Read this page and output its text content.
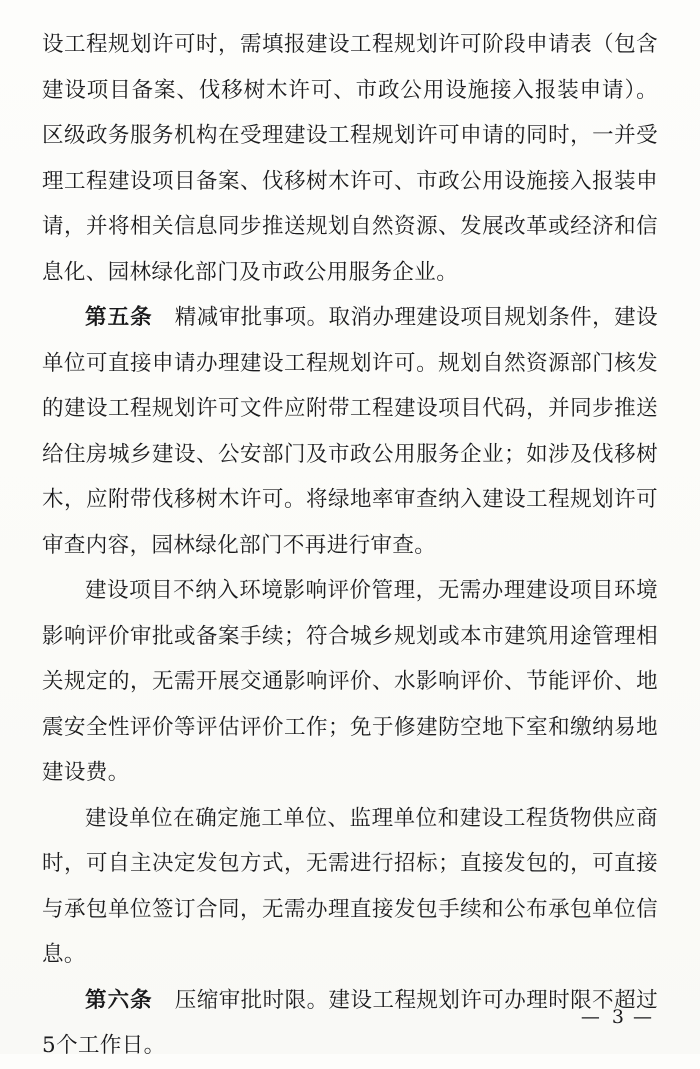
设工程规划许可时，需填报建设工程规划许可阶段申请表（包含建设项目备案、伐移树木许可、市政公用设施接入报装申请）。区级政务服务机构在受理建设工程规划许可申请的同时，一并受理工程建设项目备案、伐移树木许可、市政公用设施接入报装申请，并将相关信息同步推送规划自然资源、发展改革或经济和信息化、园林绿化部门及市政公用服务企业。

第五条 精减审批事项。取消办理建设项目规划条件，建设单位可直接申请办理建设工程规划许可。规划自然资源部门核发的建设工程规划许可文件应附带工程建设项目代码，并同步推送给住房城乡建设、公安部门及市政公用服务企业；如涉及伐移树木，应附带伐移树木许可。将绿地率审查纳入建设工程规划许可审查内容，园林绿化部门不再进行审查。

建设项目不纳入环境影响评价管理，无需办理建设项目环境影响评价审批或备案手续；符合城乡规划或本市建筑用途管理相关规定的，无需开展交通影响评价、水影响评价、节能评价、地震安全性评价等评估评价工作；免于修建防空地下室和缴纳易地建设费。

建设单位在确定施工单位、监理单位和建设工程货物供应商时，可自主决定发包方式，无需进行招标；直接发包的，可直接与承包单位签订合同，无需办理直接发包手续和公布承包单位信息。

第六条 压缩审批时限。建设工程规划许可办理时限不超过5个工作日。

— 3 —
